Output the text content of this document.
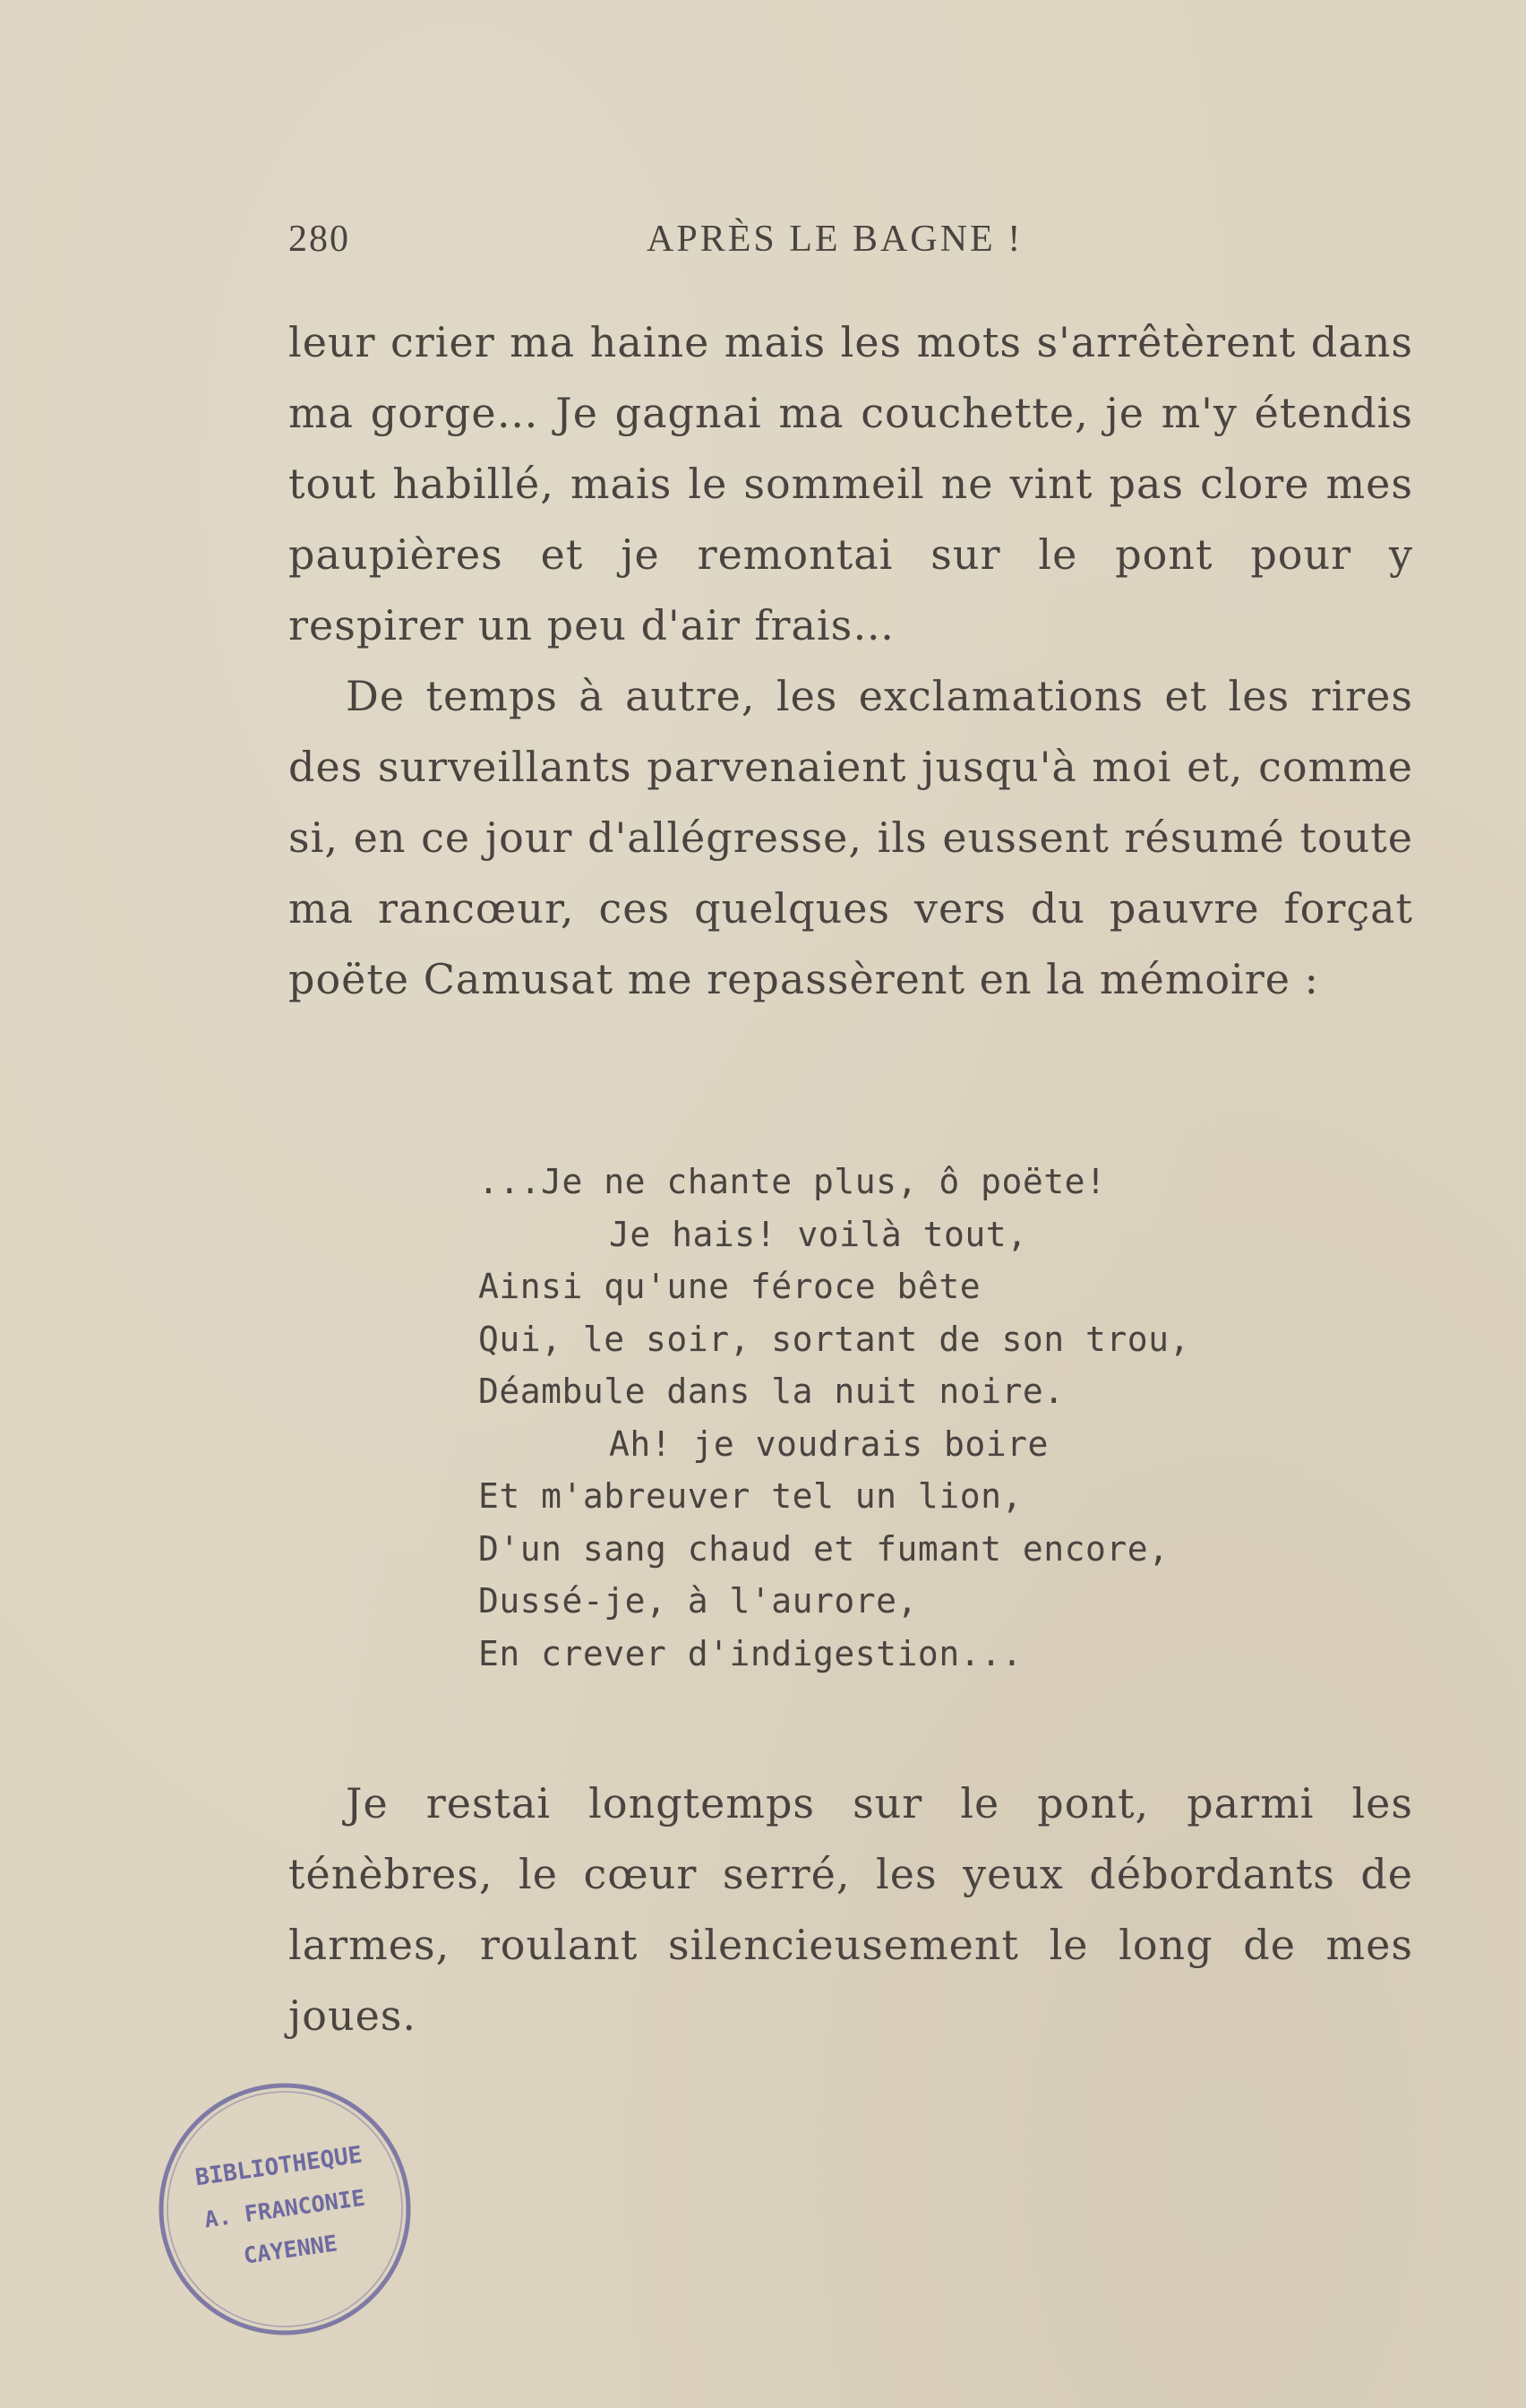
280	APRÈS LE BAGNE !

leur crier ma haine mais les mots s'arrêtèrent dans ma gorge… Je gagnai ma couchette, je m'y étendis tout habillé, mais le sommeil ne vint pas clore mes paupières et je remontai sur le pont pour y respirer un peu d'air frais…

De temps à autre, les exclamations et les rires des surveillants parvenaient jusqu'à moi et, comme si, en ce jour d'allégresse, ils eussent résumé toute ma rancœur, ces quelques vers du pauvre forçat poëte Camusat me repassèrent en la mémoire :

...Je ne chante plus, ô poëte!
Je hais! voilà tout,
Ainsi qu'une féroce bête
Qui, le soir, sortant de son trou,
Déambule dans la nuit noire.
Ah! je voudrais boire
Et m'abreuver tel un lion,
D'un sang chaud et fumant encore,
Dussé-je, à l'aurore,
En crever d'indigestion...

Je restai longtemps sur le pont, parmi les ténèbres, le cœur serré, les yeux débordants de larmes, roulant silencieusement le long de mes joues.

BIBLIOTHEQUE
A. FRANCONIE
CAYENNE
